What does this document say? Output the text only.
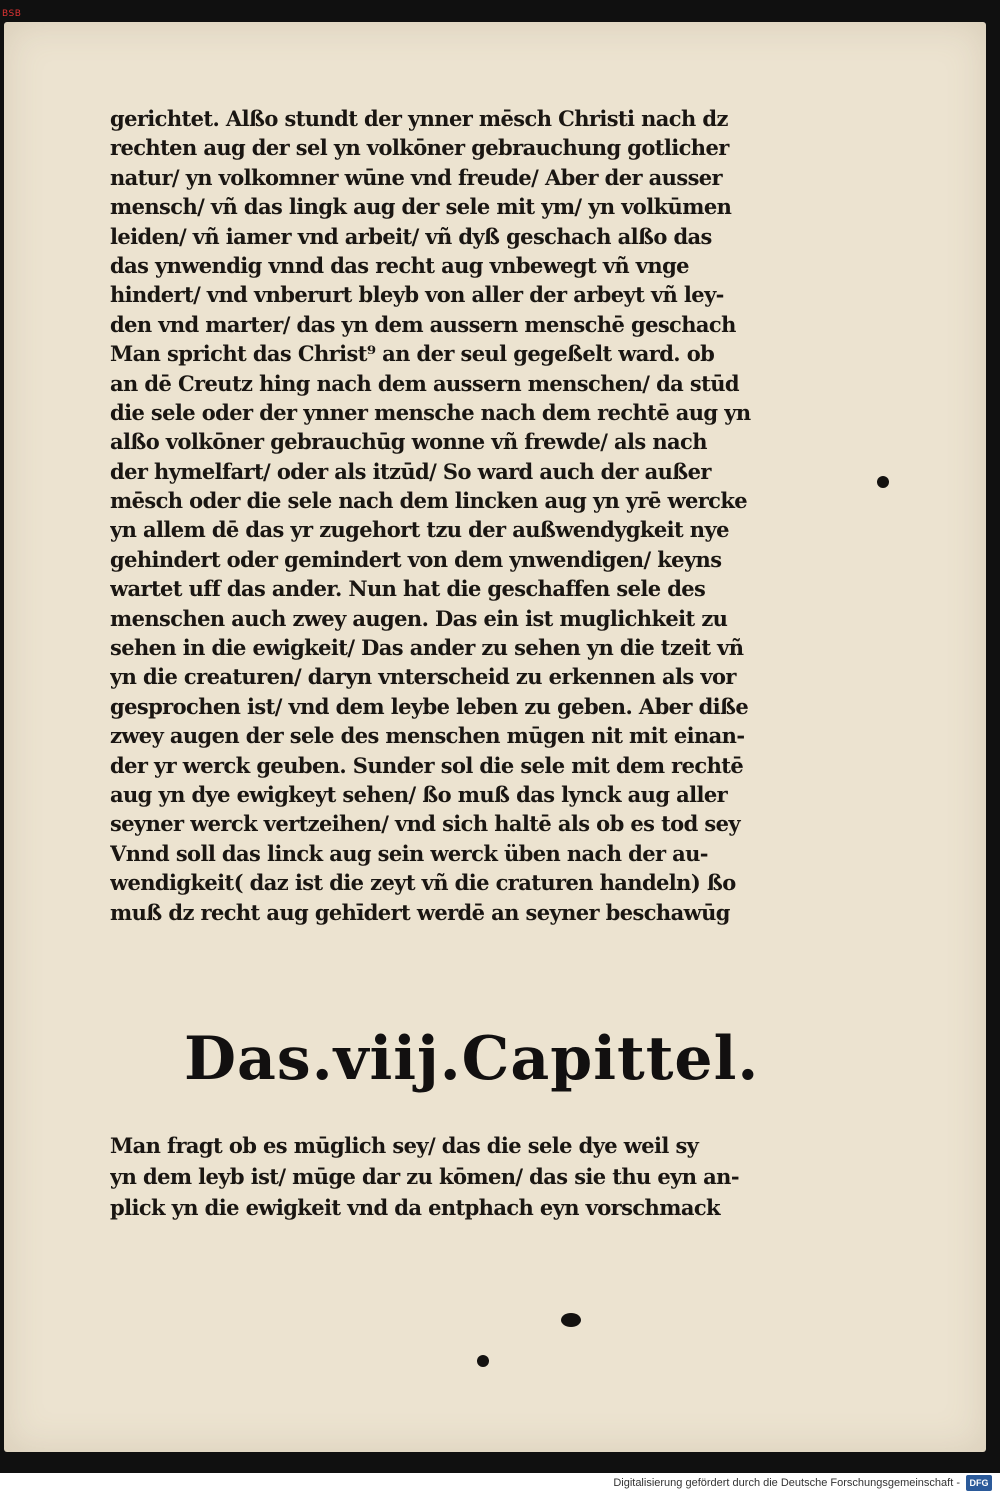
BSB
gerichtet. Alßo stundt der ynner mēsch Christi nach dz
rechten aug der sel yn volkōner gebrauchung gotlicher
natur/ yn volkomner wūne vnd freude/ Aber der ausser
mensch/ vñ das lingk aug der sele mit ym/ yn volkūmen
leiden/ vñ iamer vnd arbeit/ vñ dyß geschach alßo das
das ynwendig vnnd das recht aug vnbewegt vñ vnge
hindert/ vnd vnberurt bleyb von aller der arbeyt vñ ley-
den vnd marter/ das yn dem aussern menschē geschach
Man spricht das Christ⁹ an der seul gegeßelt ward. ob
an dē Creutz hing nach dem aussern menschen/ da stūd
die sele oder der ynner mensche nach dem rechtē aug yn
alßo volkōner gebrauchūg wonne vñ frewde/ als nach
der hymelfart/ oder als itzūd/ So ward auch der außer
mēsch oder die sele nach dem lincken aug yn yrē wercke
yn allem dē das yr zugehort tzu der außwendygkeit nye
gehindert oder gemindert von dem ynwendigen/ keyns
wartet uff das ander. Nun hat die geschaffen sele des
menschen auch zwey augen. Das ein ist muglichkeit zu
sehen in die ewigkeit/ Das ander zu sehen yn die tzeit vñ
yn die creaturen/ daryn vnterscheid zu erkennen als vor
gesprochen ist/ vnd dem leybe leben zu geben. Aber diße
zwey augen der sele des menschen mūgen nit mit einan-
der yr werck geuben. Sunder sol die sele mit dem rechtē
aug yn dye ewigkeyt sehen/ ßo muß das lynck aug aller
seyner werck vertzeihen/ vnd sich haltē als ob es tod sey
Vnnd soll das linck aug sein werck üben nach der au-
wendigkeit( daz ist die zeyt vñ die craturen handeln) ßo
muß dz recht aug gehīdert werdē an seyner beschawūg
Das.viij.Capittel.
Man fragt ob es mūglich sey/ das die sele dye weil sy
yn dem leyb ist/ mūge dar zu kōmen/ das sie thu eyn an-
plick yn die ewigkeit vnd da entphach eyn vorschmack
Digitalisierung gefördert durch die Deutsche Forschungsgemeinschaft -	DFG
